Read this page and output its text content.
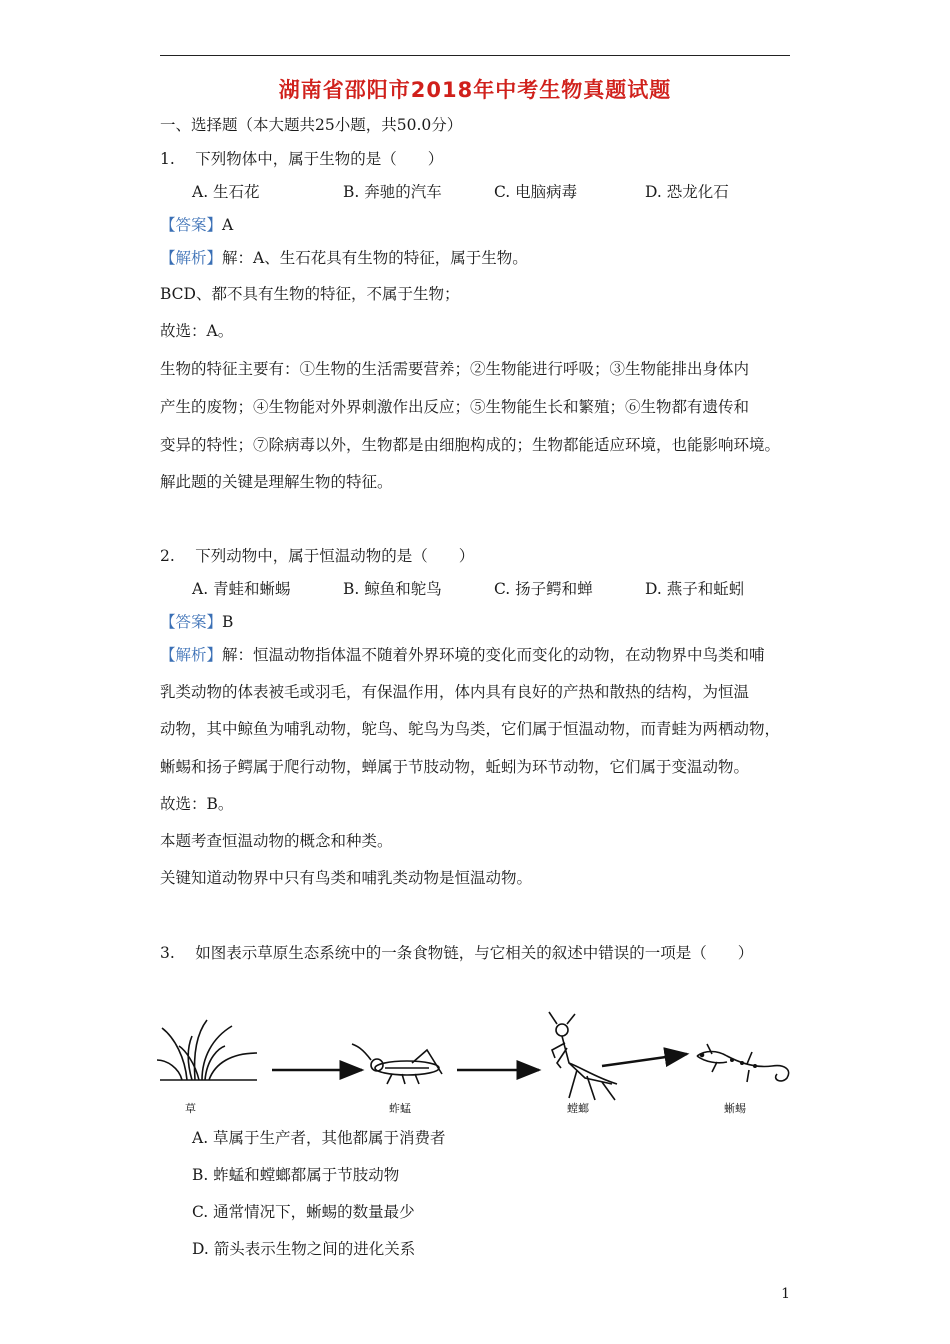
湖南省邵阳市2018年中考生物真题试题
一、选择题（本大题共25小题，共50.0分）
1.　 下列物体中，属于生物的是（　　）
A. 生石花	B. 奔驰的汽车	C. 电脑病毒	D. 恐龙化石
【答案】A
【解析】解：A、生石花具有生物的特征，属于生物。
BCD、都不具有生物的特征，不属于生物；
故选：A。
生物的特征主要有：①生物的生活需要营养；②生物能进行呼吸；③生物能排出身体内
产生的废物；④生物能对外界刺激作出反应；⑤生物能生长和繁殖；⑥生物都有遗传和
变异的特性；⑦除病毒以外，生物都是由细胞构成的；生物都能适应环境，也能影响环境。
解此题的关键是理解生物的特征。
2.　 下列动物中，属于恒温动物的是（　　）
A. 青蛙和蜥蜴	B. 鲸鱼和鸵鸟	C. 扬子鳄和蝉	D. 燕子和蚯蚓
【答案】B
【解析】解：恒温动物指体温不随着外界环境的变化而变化的动物，在动物界中鸟类和哺
乳类动物的体表被毛或羽毛，有保温作用，体内具有良好的产热和散热的结构，为恒温
动物，其中鲸鱼为哺乳动物，鸵鸟、鸵鸟为鸟类，它们属于恒温动物，而青蛙为两栖动物，
蜥蜴和扬子鳄属于爬行动物，蝉属于节肢动物，蚯蚓为环节动物，它们属于变温动物。
故选：B。
本题考查恒温动物的概念和种类。
关键知道动物界中只有鸟类和哺乳类动物是恒温动物。
3.　 如图表示草原生态系统中的一条食物链，与它相关的叙述中错误的一项是（　　）
草	蚱蜢	螳螂	蜥蜴
A. 草属于生产者，其他都属于消费者
B. 蚱蜢和螳螂都属于节肢动物
C. 通常情况下，蜥蜴的数量最少
D. 箭头表示生物之间的进化关系
1
